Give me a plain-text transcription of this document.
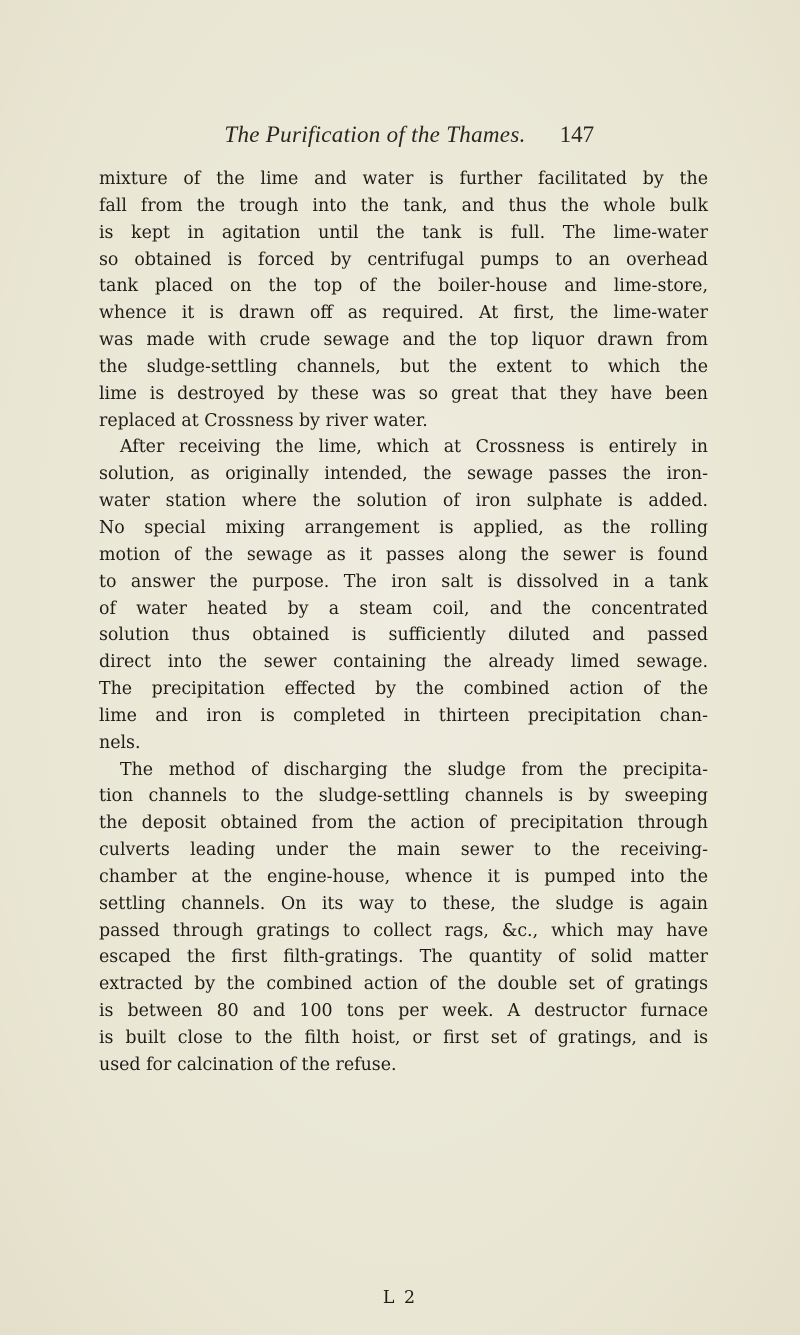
The Purification of the Thames. 147
mixture of the lime and water is further facilitated by the
fall from the trough into the tank, and thus the whole bulk
is kept in agitation until the tank is full. The lime-water
so obtained is forced by centrifugal pumps to an overhead
tank placed on the top of the boiler-house and lime-store,
whence it is drawn off as required. At first, the lime-water
was made with crude sewage and the top liquor drawn from
the sludge-settling channels, but the extent to which the
lime is destroyed by these was so great that they have been
replaced at Crossness by river water.
After receiving the lime, which at Crossness is entirely in
solution, as originally intended, the sewage passes the iron-
water station where the solution of iron sulphate is added.
No special mixing arrangement is applied, as the rolling
motion of the sewage as it passes along the sewer is found
to answer the purpose. The iron salt is dissolved in a tank
of water heated by a steam coil, and the concentrated
solution thus obtained is sufficiently diluted and passed
direct into the sewer containing the already limed sewage.
The precipitation effected by the combined action of the
lime and iron is completed in thirteen precipitation chan-
nels.
The method of discharging the sludge from the precipita-
tion channels to the sludge-settling channels is by sweeping
the deposit obtained from the action of precipitation through
culverts leading under the main sewer to the receiving-
chamber at the engine-house, whence it is pumped into the
settling channels. On its way to these, the sludge is again
passed through gratings to collect rags, &c., which may have
escaped the first filth-gratings. The quantity of solid matter
extracted by the combined action of the double set of gratings
is between 80 and 100 tons per week. A destructor furnace
is built close to the filth hoist, or first set of gratings, and is
used for calcination of the refuse.
L 2
